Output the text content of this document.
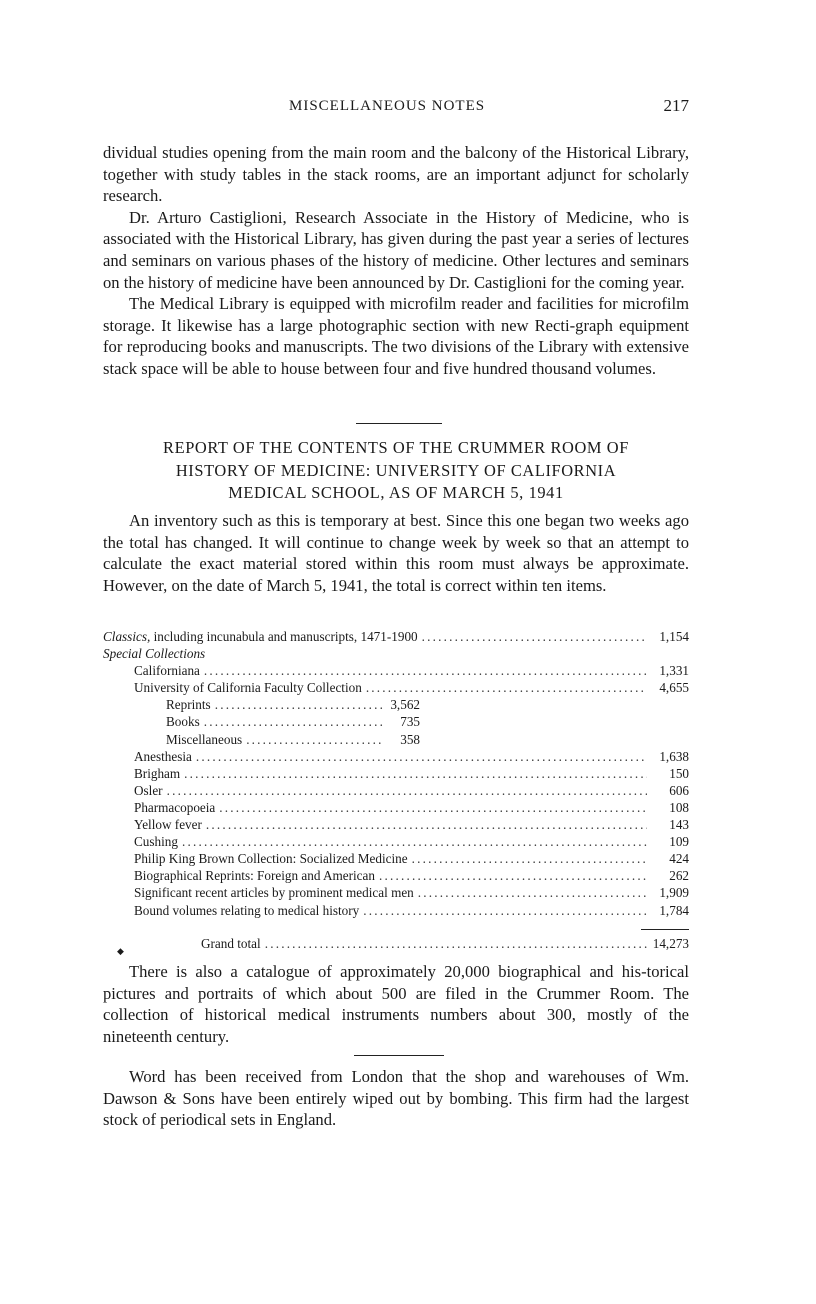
MISCELLANEOUS NOTES	217

dividual studies opening from the main room and the balcony of the Historical Library, together with study tables in the stack rooms, are an important adjunct for scholarly research.

Dr. Arturo Castiglioni, Research Associate in the History of Medicine, who is associated with the Historical Library, has given during the past year a series of lectures and seminars on various phases of the history of medicine. Other lectures and seminars on the history of medicine have been announced by Dr. Castiglioni for the coming year.

The Medical Library is equipped with microfilm reader and facilities for microfilm storage. It likewise has a large photographic section with new Recti-graph equipment for reproducing books and manuscripts. The two divisions of the Library with extensive stack space will be able to house between four and five hundred thousand volumes.

REPORT OF THE CONTENTS OF THE CRUMMER ROOM OF
HISTORY OF MEDICINE: UNIVERSITY OF CALIFORNIA
MEDICAL SCHOOL, AS OF MARCH 5, 1941

An inventory such as this is temporary at best. Since this one began two weeks ago the total has changed. It will continue to change week by week so that an attempt to calculate the exact material stored within this room must always be approximate. However, on the date of March 5, 1941, the total is correct within ten items.

Classics, including incunabula and manuscripts, 1471-1900 .....	1,154
Special Collections
Californiana .....	1,331
University of California Faculty Collection .....	4,655
Reprints .....	3,562
Books .....	735
Miscellaneous .....	358
Anesthesia .....	1,638
Brigham .....	150
Osler .....	606
Pharmacopoeia .....	108
Yellow fever .....	143
Cushing .....	109
Philip King Brown Collection: Socialized Medicine .....	424
Biographical Reprints: Foreign and American .....	262
Significant recent articles by prominent medical men .....	1,909
Bound volumes relating to medical history .....	1,784
Grand total .....	14,273
◆

There is also a catalogue of approximately 20,000 biographical and his-torical pictures and portraits of which about 500 are filed in the Crummer Room. The collection of historical medical instruments numbers about 300, mostly of the nineteenth century.

Word has been received from London that the shop and warehouses of Wm. Dawson & Sons have been entirely wiped out by bombing. This firm had the largest stock of periodical sets in England.
